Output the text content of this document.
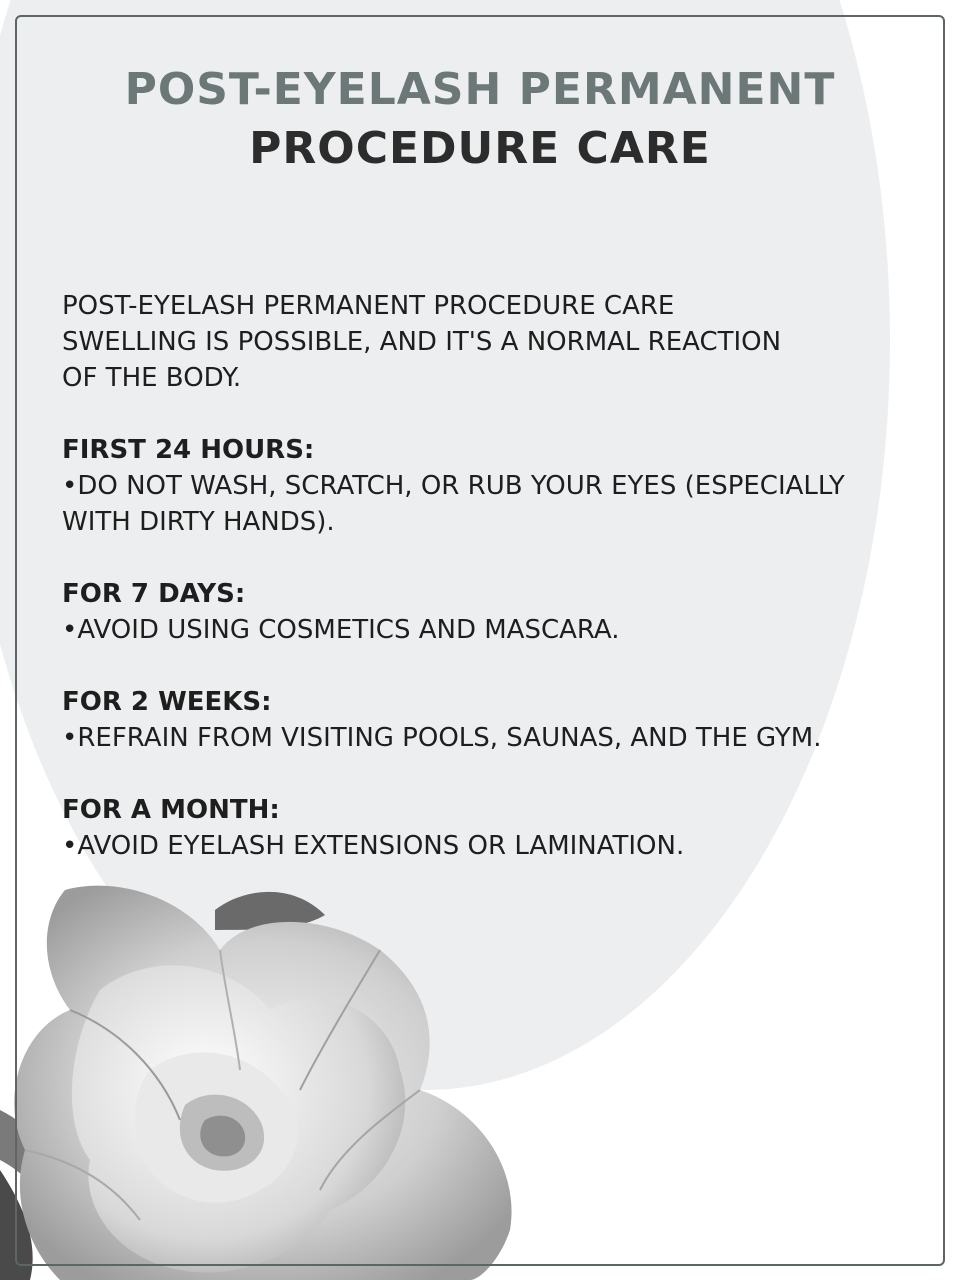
POST-EYELASH PERMANENT
PROCEDURE CARE
POST-EYELASH PERMANENT PROCEDURE CARE
SWELLING IS POSSIBLE, AND IT'S A NORMAL REACTION
OF THE BODY.
FIRST 24 HOURS:
•DO NOT WASH, SCRATCH, OR RUB YOUR EYES (ESPECIALLY WITH DIRTY HANDS).
FOR 7 DAYS:
•AVOID USING COSMETICS AND MASCARA.
FOR 2 WEEKS:
•REFRAIN FROM VISITING POOLS, SAUNAS, AND THE GYM.
FOR A MONTH:
•AVOID EYELASH EXTENSIONS OR LAMINATION.
